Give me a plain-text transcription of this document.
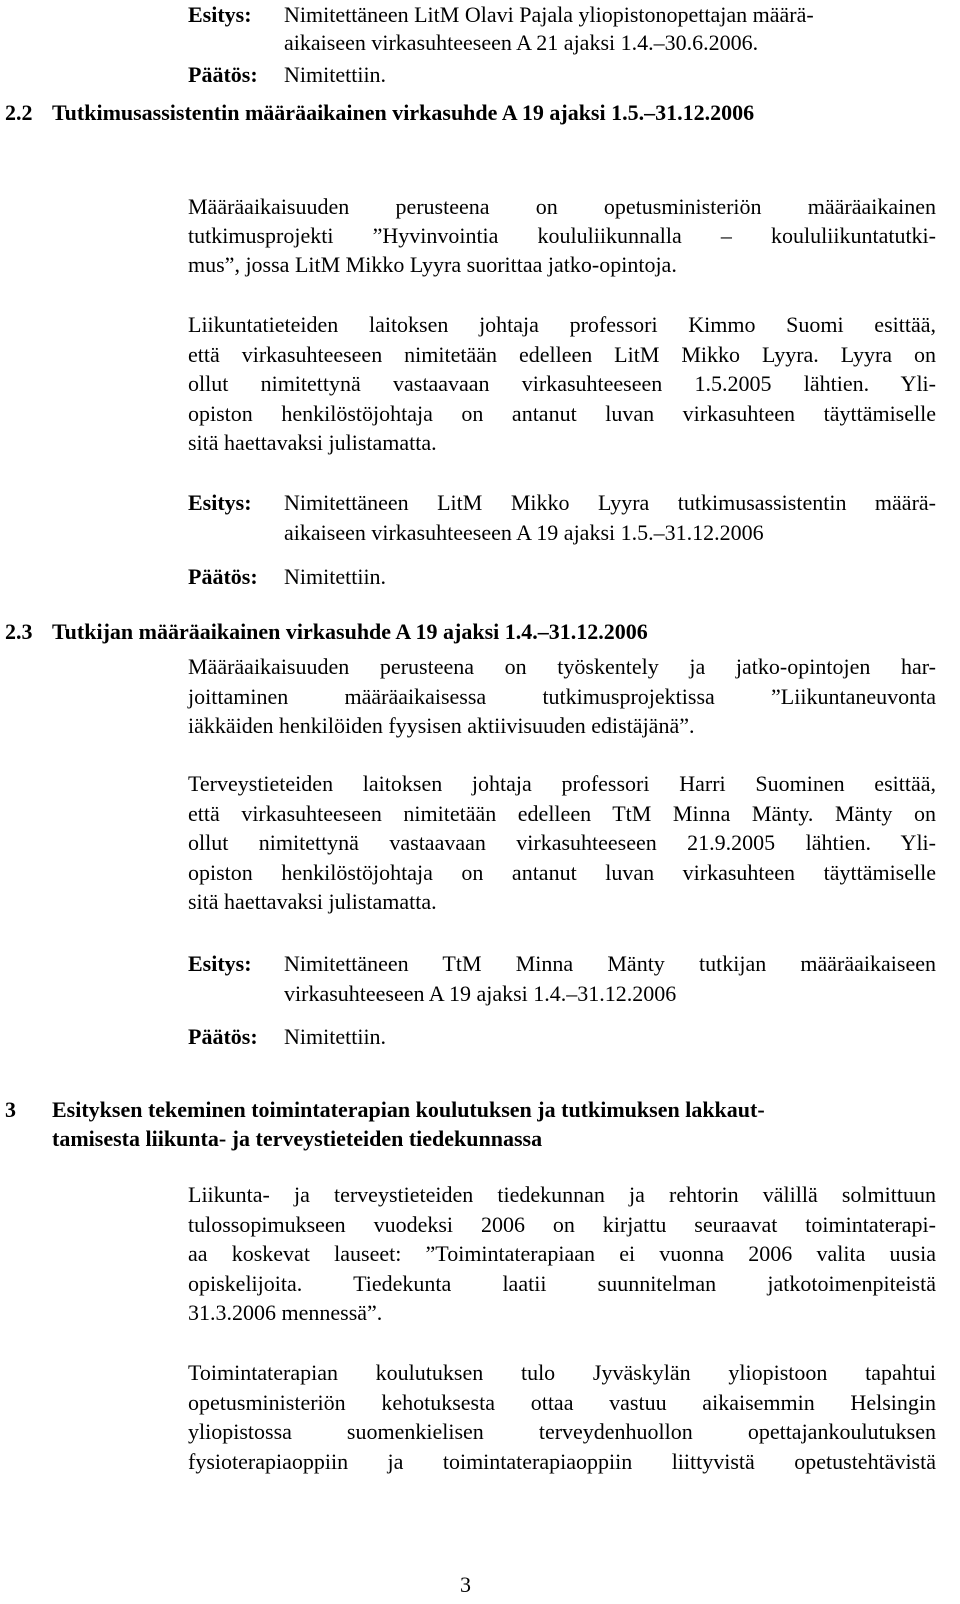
Esitys: Nimitettäneen LitM Olavi Pajala yliopistonopettajan määrä-
aikaiseen virkasuhteeseen A 21 ajaksi 1.4.–30.6.2006.
Päätös: Nimitettiin.
2.2 Tutkimusassistentin määräaikainen virkasuhde A 19 ajaksi 1.5.–31.12.2006
Määräaikaisuuden perusteena on opetusministeriön määräaikainen
tutkimusprojekti ”Hyvinvointia koululiikunnalla – koululiikuntatutki-
mus”, jossa LitM Mikko Lyyra suorittaa jatko-opintoja.
Liikuntatieteiden laitoksen johtaja professori Kimmo Suomi esittää,
että virkasuhteeseen nimitetään edelleen LitM Mikko Lyyra. Lyyra on
ollut nimitettynä vastaavaan virkasuhteeseen 1.5.2005 lähtien. Yli-
opiston henkilöstöjohtaja on antanut luvan virkasuhteen täyttämiselle
sitä haettavaksi julistamatta.
Esitys: Nimitettäneen LitM Mikko Lyyra tutkimusassistentin määrä-
aikaiseen virkasuhteeseen A 19 ajaksi 1.5.–31.12.2006
Päätös: Nimitettiin.
2.3 Tutkijan määräaikainen virkasuhde A 19 ajaksi 1.4.–31.12.2006
Määräaikaisuuden perusteena on työskentely ja jatko-opintojen har-
joittaminen määräaikaisessa tutkimusprojektissa ”Liikuntaneuvonta
iäkkäiden henkilöiden fyysisen aktiivisuuden edistäjänä”.
Terveystieteiden laitoksen johtaja professori Harri Suominen esittää,
että virkasuhteeseen nimitetään edelleen TtM Minna Mänty. Mänty on
ollut nimitettynä vastaavaan virkasuhteeseen 21.9.2005 lähtien. Yli-
opiston henkilöstöjohtaja on antanut luvan virkasuhteen täyttämiselle
sitä haettavaksi julistamatta.
Esitys: Nimitettäneen TtM Minna Mänty tutkijan määräaikaiseen
virkasuhteeseen A 19 ajaksi 1.4.–31.12.2006
Päätös: Nimitettiin.
3 Esityksen tekeminen toimintaterapian koulutuksen ja tutkimuksen lakkaut-
tamisesta liikunta- ja terveystieteiden tiedekunnassa
Liikunta- ja terveystieteiden tiedekunnan ja rehtorin välillä solmittuun
tulossopimukseen vuodeksi 2006 on kirjattu seuraavat toimintaterapi-
aa koskevat lauseet: ”Toimintaterapiaan ei vuonna 2006 valita uusia
opiskelijoita. Tiedekunta laatii suunnitelman jatkotoimenpiteistä
31.3.2006 mennessä”.
Toimintaterapian koulutuksen tulo Jyväskylän yliopistoon tapahtui
opetusministeriön kehotuksesta ottaa vastuu aikaisemmin Helsingin
yliopistossa suomenkielisen terveydenhuollon opettajankoulutuksen
fysioterapiaoppiin ja toimintaterapiaoppiin liittyvistä opetustehtävistä
3
